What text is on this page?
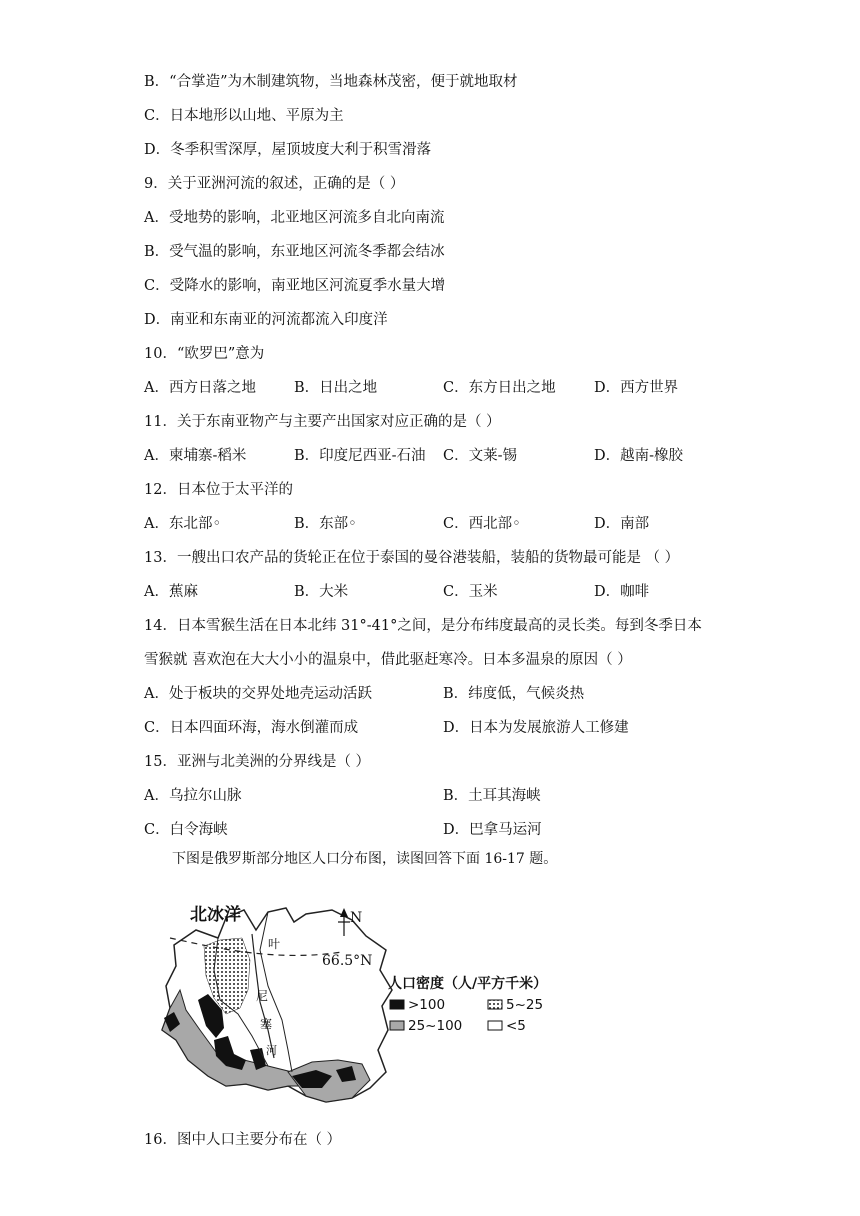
B．“合掌造”为木制建筑物，当地森林茂密，便于就地取材
C．日本地形以山地、平原为主
D．冬季积雪深厚，屋顶坡度大利于积雪滑落
9．关于亚洲河流的叙述，正确的是（ ）
A．受地势的影响，北亚地区河流多自北向南流
B．受气温的影响，东亚地区河流冬季都会结冰
C．受降水的影响，南亚地区河流夏季水量大增
D．南亚和东南亚的河流都流入印度洋
10．“欧罗巴”意为
A．西方日落之地	B．日出之地	C．东方日出之地	D．西方世界
11．关于东南亚物产与主要产出国家对应正确的是（ ）
A．柬埔寨-稻米	B．印度尼西亚-石油 C．文莱-锡	D．越南-橡胶
12．日本位于太平洋的
A．东北部◦	B．东部◦	C．西北部◦	D．南部
13．一艘出口农产品的货轮正在位于泰国的曼谷港装船，装船的货物最可能是 （ ）
A．蕉麻	B．大米	C．玉米	D．咖啡
14．日本雪猴生活在日本北纬 31°-41°之间，是分布纬度最高的灵长类。每到冬季日本
雪猴就 喜欢泡在大大小小的温泉中，借此驱赶寒冷。日本多温泉的原因（ ）
A．处于板块的交界处地壳运动活跃	B．纬度低，气候炎热
C．日本四面环海，海水倒灌而成	D．日本为发展旅游人工修建
15．亚洲与北美洲的分界线是（ ）
A．乌拉尔山脉	B．土耳其海峡
C．白令海峡	D．巴拿马运河
下图是俄罗斯部分地区人口分布图，读图回答下面 16-17 题。
北冰洋
叶
尼
塞
河
66.5°N
N
人口密度（人/平方千米）
>100	5~25
25~100	<5
16．图中人口主要分布在（ ）
